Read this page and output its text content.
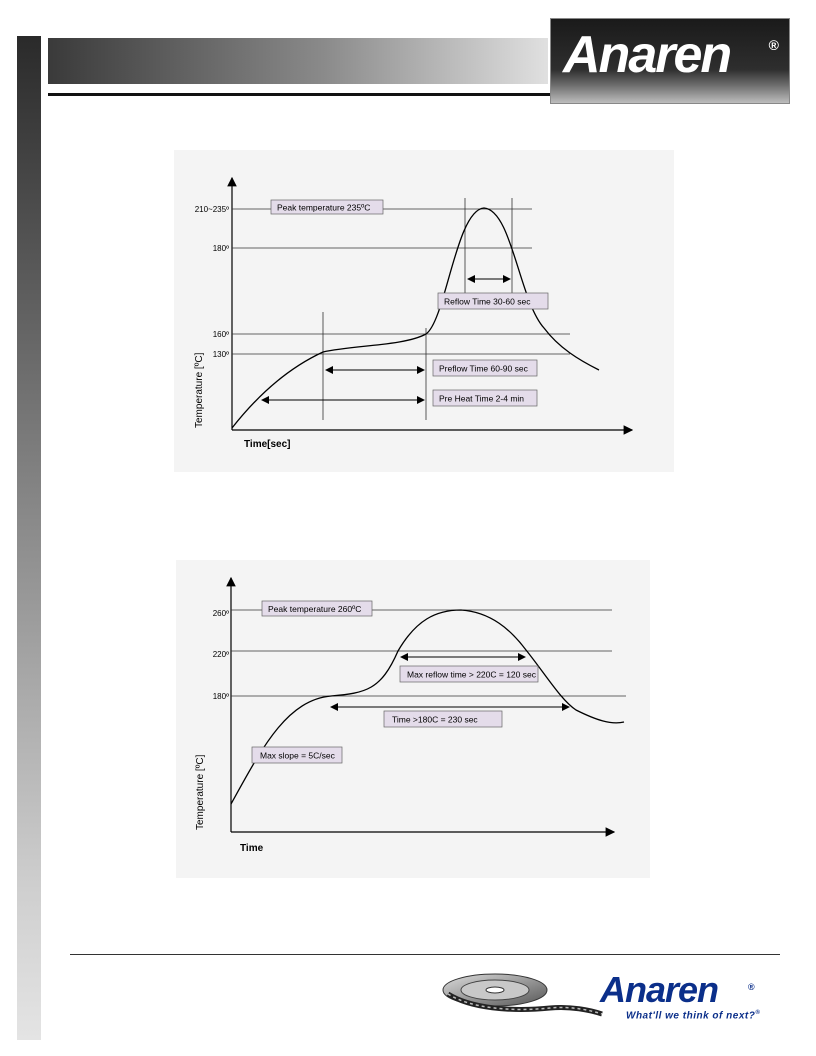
Anaren	®
Peak temperature 235ºC
Reflow Time 30-60 sec
Preflow Time 60-90 sec
Pre Heat Time 2-4 min
210~235º
180º
160º
130º
Temperature [ºC]
Time[sec]
Peak temperature 260ºC
Max reflow time > 220C = 120 sec
Time >180C = 230 sec
Max slope = 5C/sec
260º
220º
180º
Temperature [ºC]
Time
Anaren	®
What'll we think of next?®
